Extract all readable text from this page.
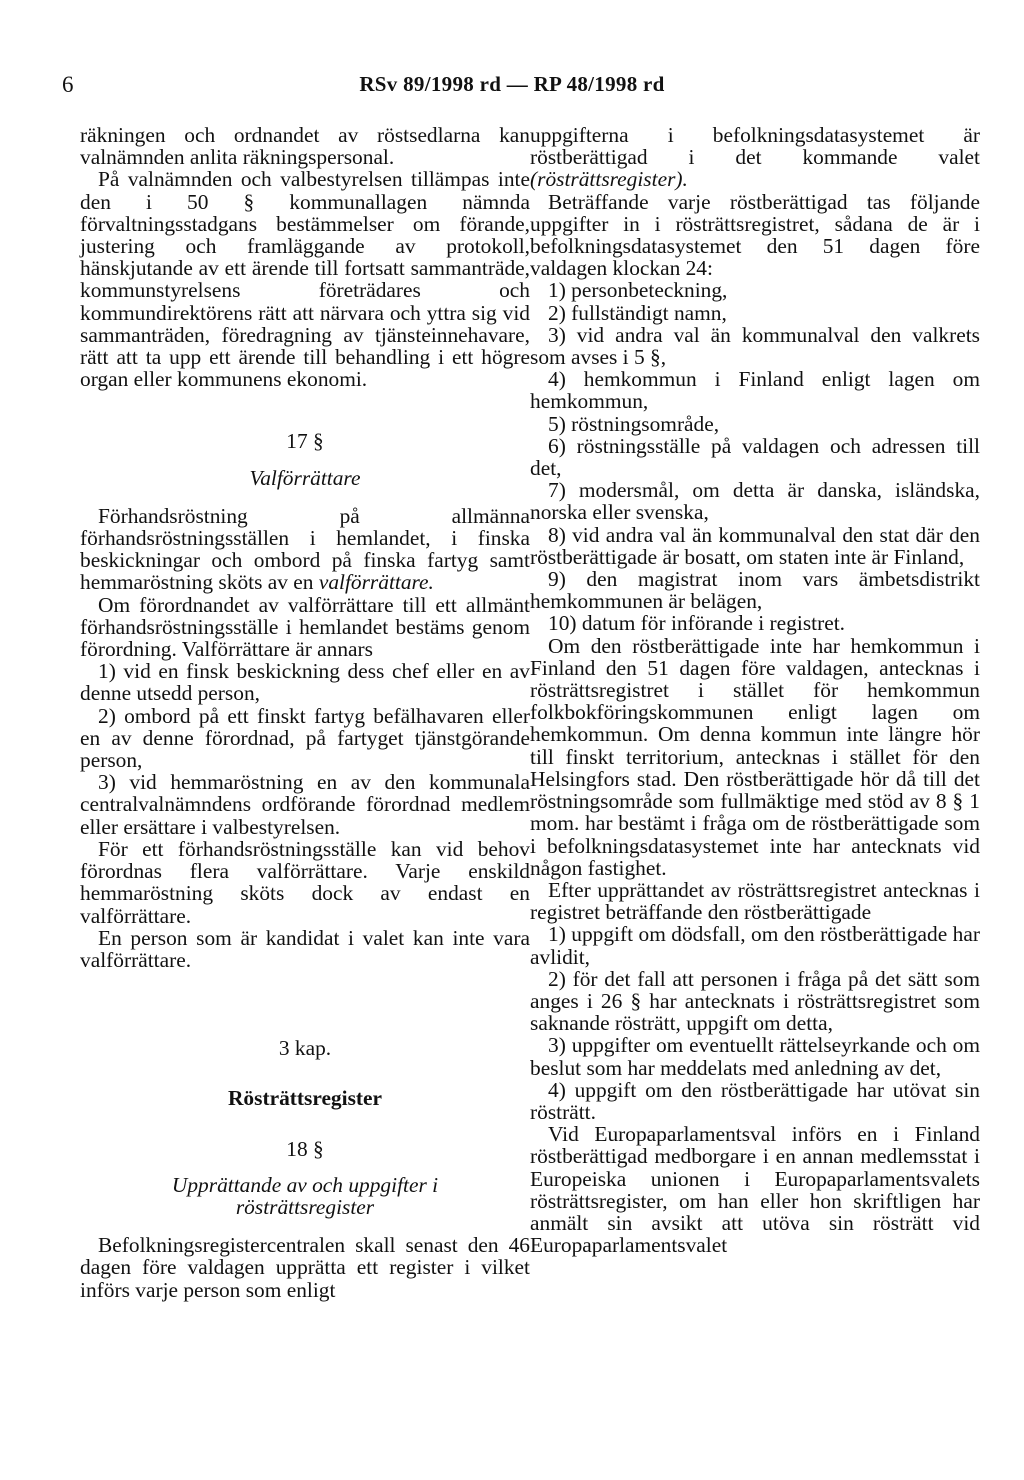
6	RSv 89/1998 rd — RP 48/1998 rd

räkningen och ordnandet av röstsedlarna kan valnämnden anlita räkningspersonal.

På valnämnden och valbestyrelsen tillämpas inte den i 50 § kommunallagen nämnda förvaltningsstadgans bestämmelser om förande, justering och framläggande av protokoll, hänskjutande av ett ärende till fortsatt sammanträde, kommunstyrelsens företrädares och kommundirektörens rätt att närvara och yttra sig vid sammanträden, föredragning av tjänsteinnehavare, rätt att ta upp ett ärende till behandling i ett högre organ eller kommunens ekonomi.

17 §

Valförrättare

Förhandsröstning på allmänna förhandsröstningsställen i hemlandet, i finska beskickningar och ombord på finska fartyg samt hemmaröstning sköts av en valförrättare.

Om förordnandet av valförrättare till ett allmänt förhandsröstningsställe i hemlandet bestäms genom förordning. Valförrättare är annars

1) vid en finsk beskickning dess chef eller en av denne utsedd person,

2) ombord på ett finskt fartyg befälhavaren eller en av denne förordnad, på fartyget tjänstgörande person,

3) vid hemmaröstning en av den kommunala centralvalnämndens ordförande förordnad medlem eller ersättare i valbestyrelsen.

För ett förhandsröstningsställe kan vid behov förordnas flera valförrättare. Varje enskild hemmaröstning sköts dock av endast en valförrättare.

En person som är kandidat i valet kan inte vara valförrättare.

3 kap.

Rösträttsregister

18 §

Upprättande av och uppgifter i rösträttsregister

Befolkningsregistercentralen skall senast den 46 dagen före valdagen upprätta ett register i vilket införs varje person som enligt

uppgifterna i befolkningsdatasystemet är röstberättigad i det kommande valet (rösträttsregister).

Beträffande varje röstberättigad tas följande uppgifter in i rösträttsregistret, sådana de är i befolkningsdatasystemet den 51 dagen före valdagen klockan 24:

1) personbeteckning,

2) fullständigt namn,

3) vid andra val än kommunalval den valkrets som avses i 5 §,

4) hemkommun i Finland enligt lagen om hemkommun,

5) röstningsområde,

6) röstningsställe på valdagen och adressen till det,

7) modersmål, om detta är danska, isländska, norska eller svenska,

8) vid andra val än kommunalval den stat där den röstberättigade är bosatt, om staten inte är Finland,

9) den magistrat inom vars ämbetsdistrikt hemkommunen är belägen,

10) datum för införande i registret.

Om den röstberättigade inte har hemkommun i Finland den 51 dagen före valdagen, antecknas i rösträttsregistret i stället för hemkommun folkbokföringskommunen enligt lagen om hemkommun. Om denna kommun inte längre hör till finskt territorium, antecknas i stället för den Helsingfors stad. Den röstberättigade hör då till det röstningsområde som fullmäktige med stöd av 8 § 1 mom. har bestämt i fråga om de röstberättigade som i befolkningsdatasystemet inte har antecknats vid någon fastighet.

Efter upprättandet av rösträttsregistret antecknas i registret beträffande den röstberättigade

1) uppgift om dödsfall, om den röstberättigade har avlidit,

2) för det fall att personen i fråga på det sätt som anges i 26 § har antecknats i rösträttsregistret som saknande rösträtt, uppgift om detta,

3) uppgifter om eventuellt rättelseyrkande och om beslut som har meddelats med anledning av det,

4) uppgift om den röstberättigade har utövat sin rösträtt.

Vid Europaparlamentsval införs en i Finland röstberättigad medborgare i en annan medlemsstat i Europeiska unionen i Europaparlamentsvalets rösträttsregister, om han eller hon skriftligen har anmält sin avsikt att utöva sin rösträtt vid Europaparlamentsvalet
